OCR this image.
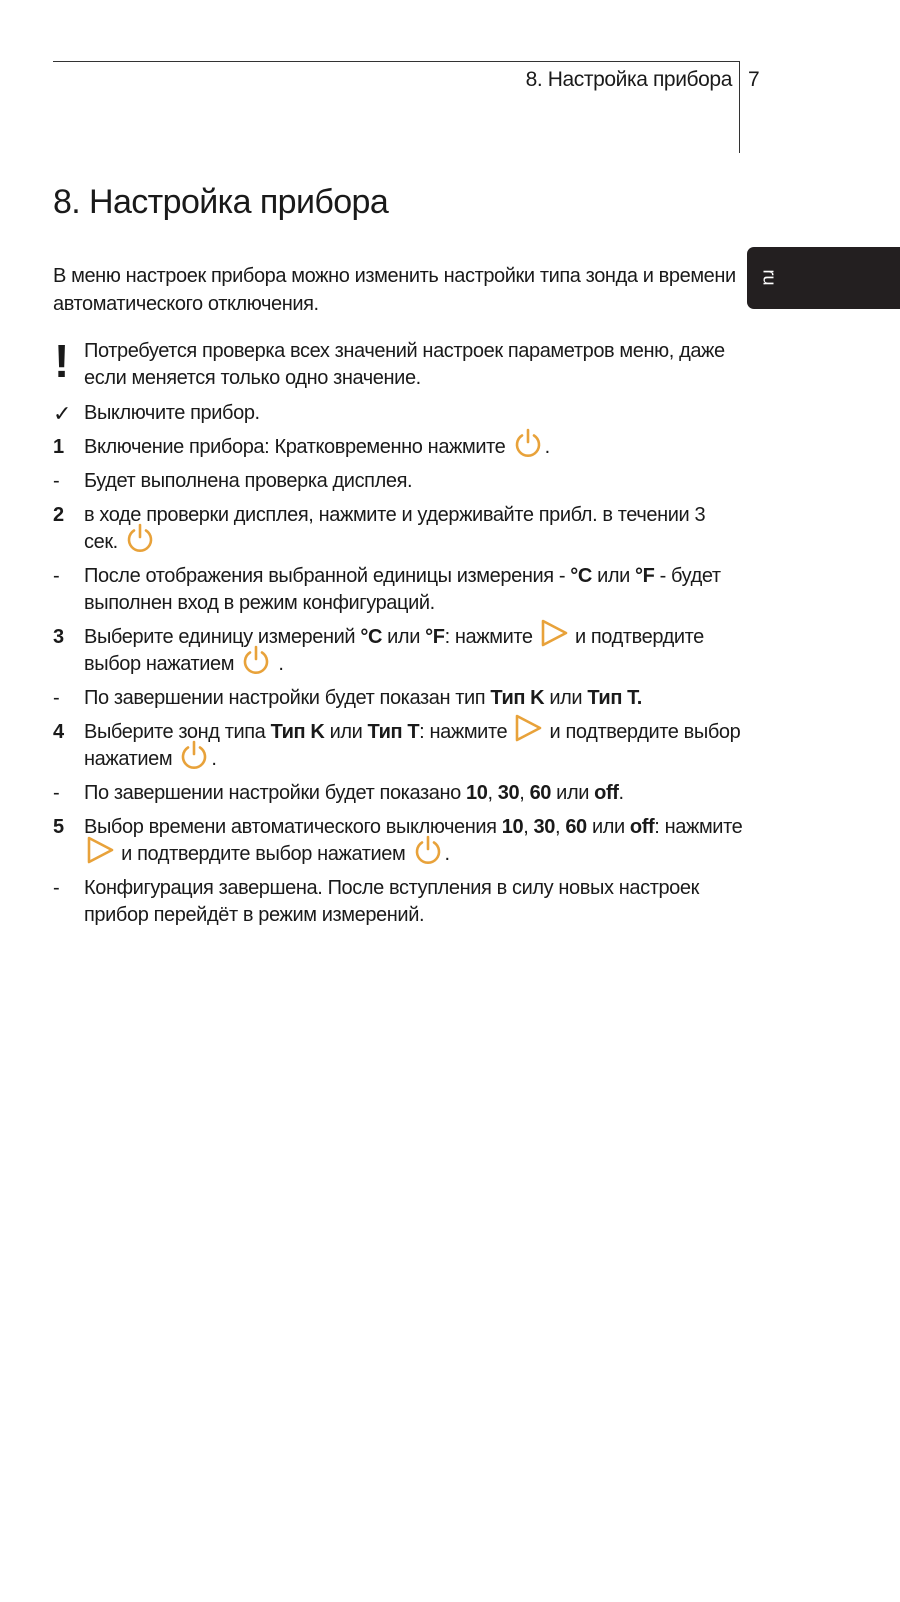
8. Настройка прибора 7
ru
8. Настройка прибора

В меню настроек прибора можно изменить настройки типа зонда и времени автоматического отключения.

! Потребуется проверка всех значений настроек параметров меню, даже если меняется только одно значение.
✓ Выключите прибор.
1	Включение прибора: Кратковременно нажмите .
-	Будет выполнена проверка дисплея.
2	в ходе проверки дисплея, нажмите и удерживайте прибл. в течении 3 сек.
-	После отображения выбранной единицы измерения - °C или °F - будет выполнен вход в режим конфигураций.
3	Выберите единицу измерений °C или °F: нажмите  и подтвердите выбор нажатием  .
-	По завершении настройки будет показан тип Тип K или Тип T.
4	Выберите зонд типа Тип K или Тип T: нажмите  и подтвердите выбор нажатием .
-	По завершении настройки будет показано 10, 30, 60 или off.
5	Выбор времени автоматического выключения 10, 30, 60 или off: нажмите и подтвердите выбор нажатием .
-	Конфигурация завершена. После вступления в силу новых настроек прибор перейдёт в режим измерений.
